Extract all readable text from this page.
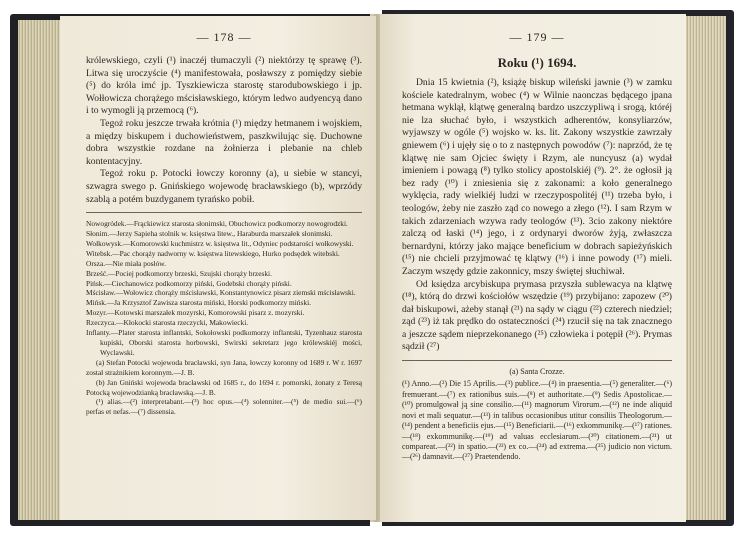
— 178 —

królewskiego, czyli (¹) inaczéj tłumaczyli (²) niektórzy tę sprawę (³). Litwa się uroczyście (⁴) manifestowała, posławszy z pomiędzy siebie (⁵) do króla imć jp. Tyszkiewicza starostę starodubowskiego i jp. Wołłowicza chorążego mścisławskiego, którym ledwo audyencyą dano i to wymogli ją przemocą (⁶).

Tegoż roku jeszcze trwała krótnia (¹) między hetmanem i wojskiem, a między biskupem i duchowieństwem, paszkwilując się. Duchowne dobra wszystkie rozdane na żołnierza i plebanie na chleb kontentacyjny.

Tegoż roku p. Potocki łowczy koronny (a), u siebie w stancyi, szwagra swego p. Gnińskiego wojewodę bracławskiego (b), wprzódy szablą a potém buzdyganem tyrańsko pobił.

Nowogródek.—Frąckiewicz starosta słonimski, Obuchowicz podkomorzy nowogrodzki.
Słonim.—Jerzy Sapieha stolnik w. księstwa litew., Haraburda marszałek słonimski.
Wołkowysk.—Komorowski kuchmistrz w. księstwa lit., Odyniec podstarości wołkowyski.
Witebsk.—Pac chorąży nadworny w. księstwa litewskiego, Hurko podsędek witebski.
Orsza.—Nie miała posłów.
Brześć.—Pociej podkomorzy brzeski, Szujski chorąży brzeski.
Pińsk.—Ciechanowicz podkomorzy piński, Godebski chorąży piński.
Mścisław.—Wołowicz chorąży mścisławski, Konstantynowicz pisarz ziemski mścisławski.
Mińsk.—Ja Krzysztof Zawisza starosta miński, Horski podkomorzy miński.
Mozyr.—Kotowski marszałek mozyrski, Komorowski pisarz z. mozyrski.
Rzeczyca.—Kłokocki starosta rzeczycki, Makowiecki.
Inflanty.—Plater starosta inflantski, Sokołowski podkomorzy inflantski, Tyzenhauz starosta kupiski, Oborski starosta horbowski, Swirski sekretarz jego królewskiéj mości, Wyclawski.
(a) Stefan Potocki wojewoda bracławski, syn Jana, łowczy koronny od 1689 r. W r. 1697 został strażnikiem koronnym.—J. B.
(b) Jan Gniński wojewoda bracławski od 1685 r., do 1694 r. pomorski, żonaty z Teresą Potocką wojewodzianką bracławską.—J. B.
(¹) alias.—(²) interpretabant.—(³) hoc opus.—(⁴) solenniter.—(⁵) de medio sui.—(⁶) perfas et nefas.—(⁷) dissensia.
— 179 —
Roku (¹) 1694.

Dnia 15 kwietnia (²), książę biskup wileński jawnie (³) w zamku kościele katedralnym, wobec (⁴) w Wilnie naonczas będącego jpana hetmana wyklął, klątwę generalną bardzo uszczypliwą i srogą, któréj nie lza słuchać było, i wszystkich adherentów, konsyliarzów, wyjawszy w ogóle (⁵) wojsko w. ks. lit. Zakony wszystkie zawrzały gniewem (⁶) i ujęły się o to z następnych powodów (⁷): naprzód, że tę klątwę nie sam Ojciec święty i Rzym, ale nuncyusz (a) wydał imieniem i powagą (⁸) tylko stolicy apostolskiéj (⁹). 2°. że ogłosił ją bez rady (¹⁰) i zniesienia się z zakonami: a koło generalnego wyklęcia, rady wielkiéj ludzi w rzeczypospolitéj (¹¹) trzeba było, i teologów, żeby nie zaszło ząd co nowego a złego (¹²). I sam Rzym w takich zdarzeniach wzywa rady teologów (¹³). 3cio zakony niektóre zalczą od łaski (¹⁴) jego, i z ordynaryi dworów żyją, zwłaszcza bernardyni, którzy jako mające beneficium w dobrach sapieżyńskich (¹⁵) nie chcieli przyjmować tę klątwy (¹⁶) i inne powody (¹⁷) mieli. Zaczym wszędy gdzie zakonnicy, mszy świętej słuchiwał.

Od księdza arcybiskupa prymasa przyszła sublewacya na klątwę (¹⁸), którą do drzwi kościołów wszędzie (¹⁹) przybijano: zapozew (²⁰) dał biskupowi, ażeby stanął (²¹) na sądy w ciągu (²²) czterech niedziel; ząd (²³) iż tak prędko do ostateczności (²⁴) rzucił się na tak znacznego a jeszcze sądem nieprzekonanego (²⁵) człowieka i potępił (²⁶). Prymas sądził (²⁷)

(a) Santa Crozze.
(¹) Anno.—(²) Die 15 Aprilis.—(³) publice.—(⁴) in praesentia.—(⁵) generaliter.—(⁶) fremuerant.—(⁷) ex rationibus suis.—(⁸) et authoritate.—(⁹) Sedis Apostolicae.—(¹⁰) promulgował ją sine consilio.—(¹¹) magnorum Virorum.—(¹²) ne inde aliquid novi et mali sequatur.—(¹³) in talibus occasionibus utitur consiliis Theologorum.—(¹⁴) pendent a beneficiis ejus.—(¹⁵) Beneficiarii.—(¹⁶) exkommunikę.—(¹⁷) rationes.—(¹⁸) exkommunikę.—(¹⁹) ad valuas ecclesiarum.—(²⁰) citationem.—(²¹) ut compareat.—(²²) in spatio.—(²³) ex co.—(²⁴) ad extrema.—(²⁵) judicio non victum.—(²⁶) damnavit.—(²⁷) Praetendendo.
